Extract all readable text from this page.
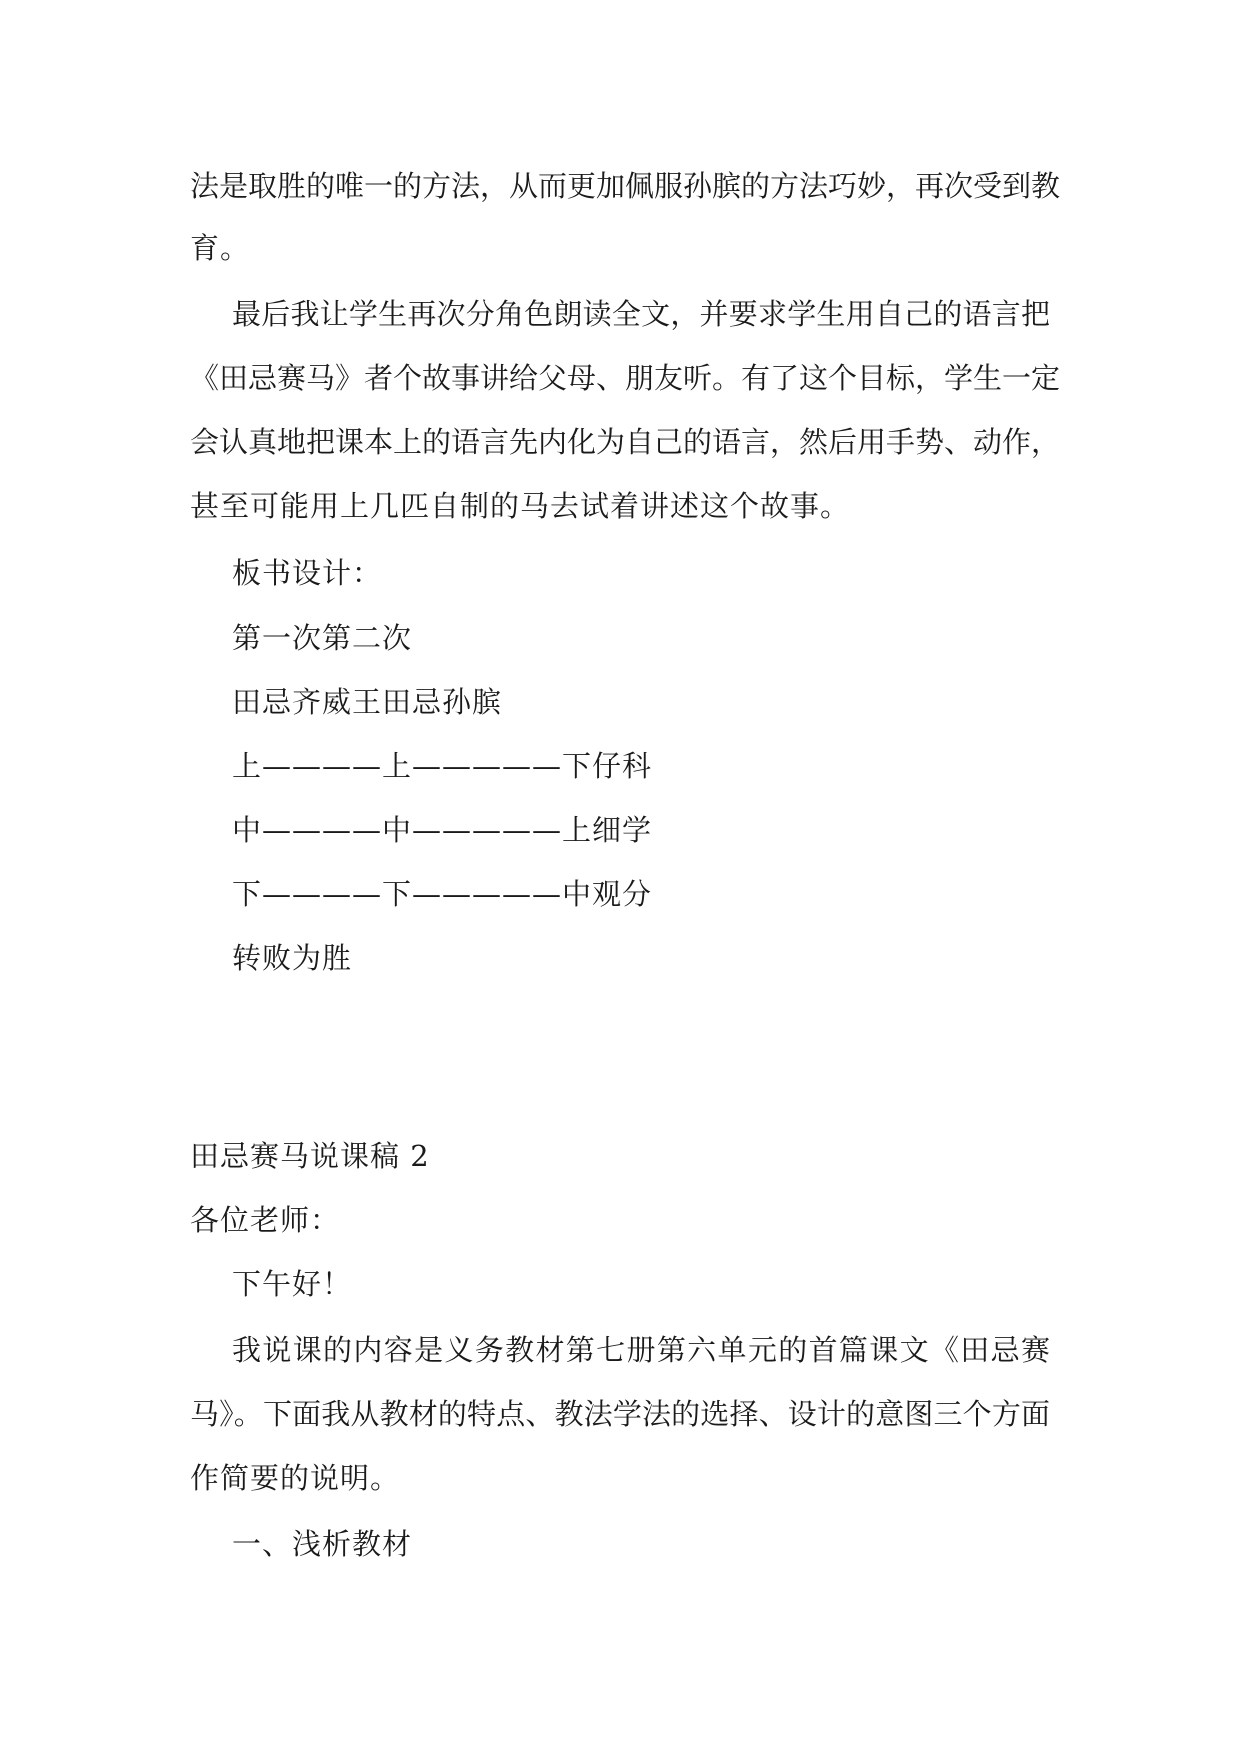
法是取胜的唯一的方法，从而更加佩服孙膑的方法巧妙，再次受到教
育。
最后我让学生再次分角色朗读全文，并要求学生用自己的语言把
《田忌赛马》者个故事讲给父母、朋友听。有了这个目标，学生一定
会认真地把课本上的语言先内化为自己的语言，然后用手势、动作，
甚至可能用上几匹自制的马去试着讲述这个故事。
板书设计：
第一次第二次
田忌齐威王田忌孙膑
上————上—————下仔科
中————中—————上细学
下————下—————中观分
转败为胜
田忌赛马说课稿 2
各位老师：
下午好！
我说课的内容是义务教材第七册第六单元的首篇课文《田忌赛
马》。下面我从教材的特点、教法学法的选择、设计的意图三个方面
作简要的说明。
一、浅析教材
